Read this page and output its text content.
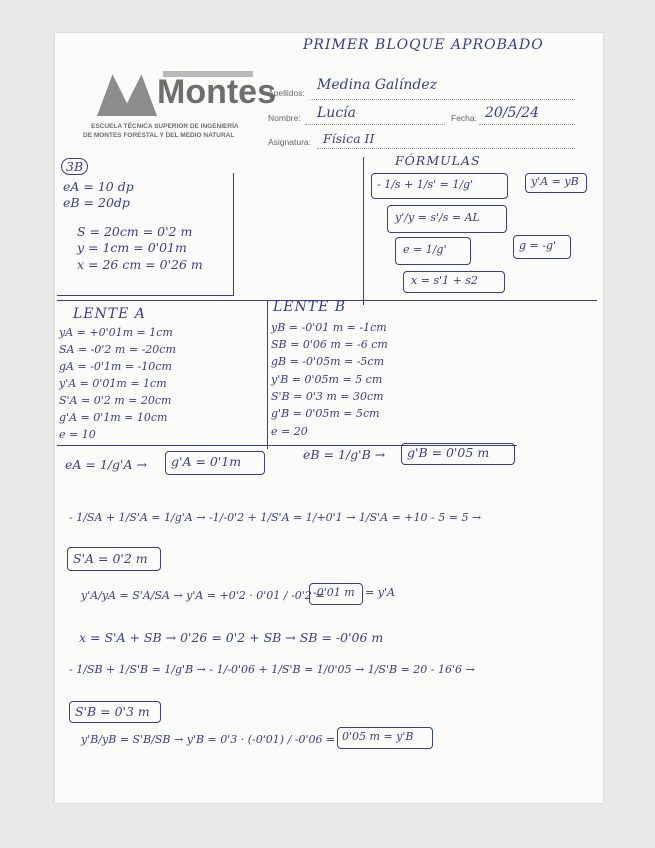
PRIMER BLOQUE APROBADO
Montes
ESCUELA TÉCNICA SUPERIOR DE INGENIERÍA
DE MONTES FORESTAL Y DEL MEDIO NATURAL
Apellidos: Medina Galíndez
Nombre: Lucía	Fecha: 20/5/24
Asignatura: Física II
3B
eA = 10 dp
eB = 20dp
S = 20cm = 0'2 m
y = 1cm = 0'01m
x = 26 cm = 0'26 m
FÓRMULAS
- 1/s + 1/s' = 1/g'
y'/y = s'/s = AL
e = 1/g'
x = s'1 + s2
y'A = yB
g = -g'
LENTE A
yA = +0'01m = 1cm
SA = -0'2 m = -20cm
gA = -0'1m = -10cm
y'A = 0'01m = 1cm
S'A = 0'2 m = 20cm
g'A = 0'1m = 10cm
e = 10
LENTE B
yB = -0'01 m = -1cm
SB = 0'06 m = -6 cm
gB = -0'05m = -5cm
y'B = 0'05m = 5 cm
S'B = 0'3 m = 30cm
g'B = 0'05m = 5cm
e = 20
eA = 1/g'A → g'A = 0'1m	eB = 1/g'B → g'B = 0'05 m
- 1/SA + 1/S'A = 1/g'A → -1/-0'2 + 1/S'A = 1/+0'1 → 1/S'A = +10 - 5 = 5 →
S'A = 0'2 m
y'A/yA = S'A/SA → y'A = +0'2 · 0'01 / -0'2 =
-0'01 m = y'A
x = S'A + SB → 0'26 = 0'2 + SB → SB = -0'06 m
- 1/SB + 1/S'B = 1/g'B → - 1/-0'06 + 1/S'B = 1/0'05 → 1/S'B = 20 - 16'6 →
S'B = 0'3 m
y'B/yB = S'B/SB → y'B = 0'3 · (-0'01) / -0'06 = 0'05 m = y'B
